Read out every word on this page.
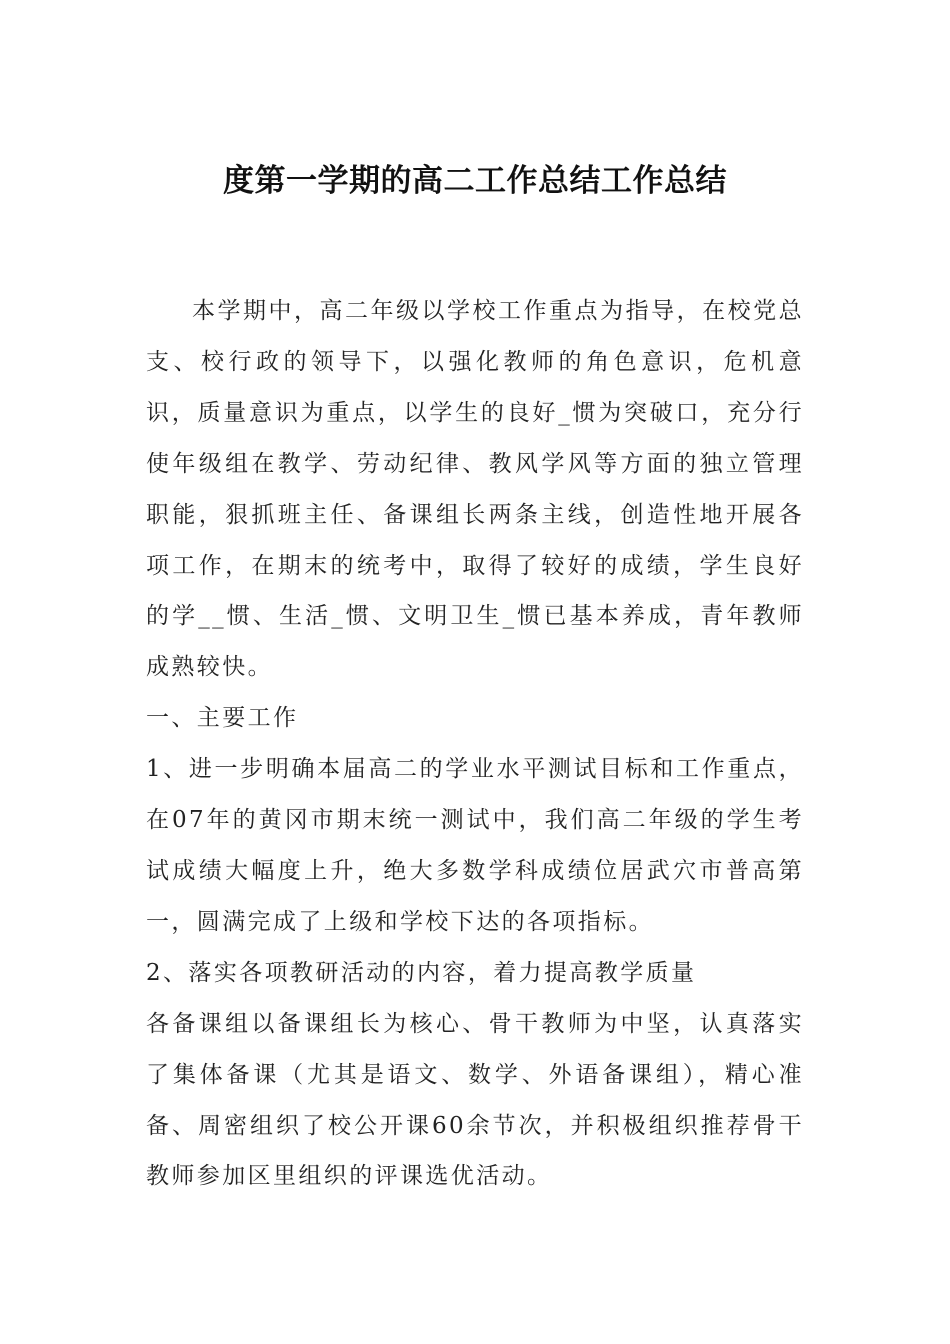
度第一学期的高二工作总结工作总结

本学期中，高二年级以学校工作重点为指导，在校党总支、校行政的领导下，以强化教师的角色意识，危机意识，质量意识为重点，以学生的良好_惯为突破口，充分行使年级组在教学、劳动纪律、教风学风等方面的独立管理职能，狠抓班主任、备课组长两条主线，创造性地开展各项工作，在期末的统考中，取得了较好的成绩，学生良好的学__惯、生活_惯、文明卫生_惯已基本养成，青年教师成熟较快。

一、主要工作

1、进一步明确本届高二的学业水平测试目标和工作重点，在07年的黄冈市期末统一测试中，我们高二年级的学生考试成绩大幅度上升，绝大多数学科成绩位居武穴市普高第一，圆满完成了上级和学校下达的各项指标。

2、落实各项教研活动的内容，着力提高教学质量

各备课组以备课组长为核心、骨干教师为中坚，认真落实了集体备课（尤其是语文、数学、外语备课组），精心准备、周密组织了校公开课60余节次，并积极组织推荐骨干教师参加区里组织的评课选优活动。
